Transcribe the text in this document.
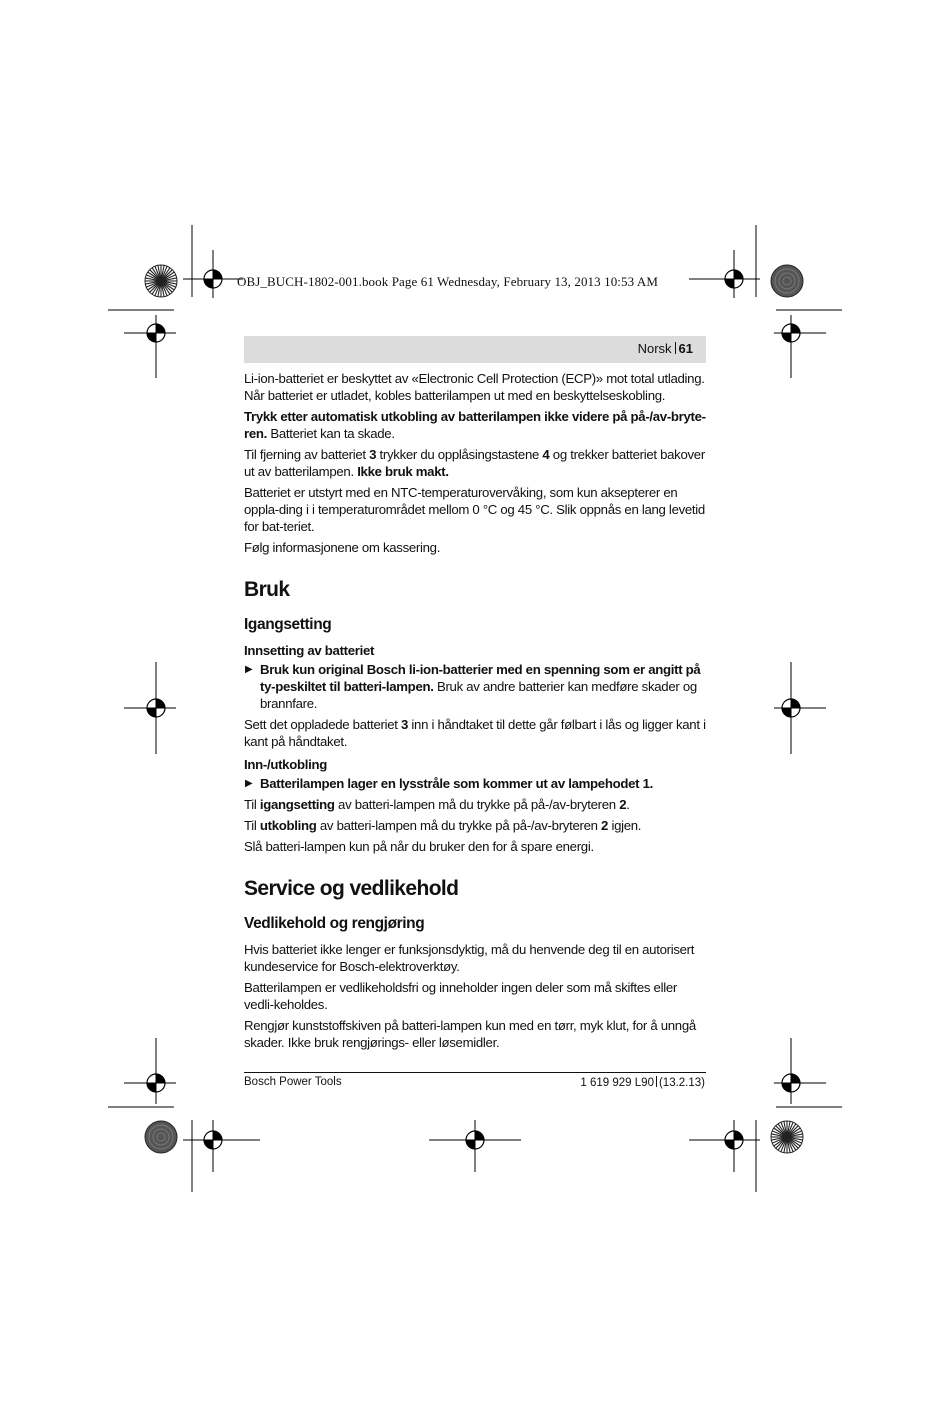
OBJ_BUCH-1802-001.book Page 61 Wednesday, February 13, 2013 10:53 AM
Norsk 61

Li-ion-batteriet er beskyttet av «Electronic Cell Protection (ECP)» mot total utlading. Når batteriet er utladet, kobles batterilampen ut med en beskyttelseskobling.

Trykk etter automatisk utkobling av batterilampen ikke videre på på-/av-bryte-ren. Batteriet kan ta skade.

Til fjerning av batteriet 3 trykker du opplåsingstastene 4 og trekker batteriet bakover ut av batterilampen. Ikke bruk makt.

Batteriet er utstyrt med en NTC-temperaturovervåking, som kun aksepterer en oppla-ding i i temperaturområdet mellom 0 °C og 45 °C. Slik oppnås en lang levetid for bat-teriet.

Følg informasjonene om kassering.

Bruk
Igangsetting
Innsetting av batteriet
▶ Bruk kun original Bosch li-ion-batterier med en spenning som er angitt på ty-peskiltet til batteri-lampen. Bruk av andre batterier kan medføre skader og brannfare.

Sett det oppladede batteriet 3 inn i håndtaket til dette går følbart i lås og ligger kant i kant på håndtaket.

Inn-/utkobling
▶ Batterilampen lager en lysstråle som kommer ut av lampehodet 1.

Til igangsetting av batteri-lampen må du trykke på på-/av-bryteren 2.

Til utkobling av batteri-lampen må du trykke på på-/av-bryteren 2 igjen.

Slå batteri-lampen kun på når du bruker den for å spare energi.

Service og vedlikehold
Vedlikehold og rengjøring

Hvis batteriet ikke lenger er funksjonsdyktig, må du henvende deg til en autorisert kundeservice for Bosch-elektroverktøy.

Batterilampen er vedlikeholdsfri og inneholder ingen deler som må skiftes eller vedli-keholdes.

Rengjør kunststoffskiven på batteri-lampen kun med en tørr, myk klut, for å unngå skader. Ikke bruk rengjørings- eller løsemidler.

Bosch Power Tools	1 619 929 L90 (13.2.13)
